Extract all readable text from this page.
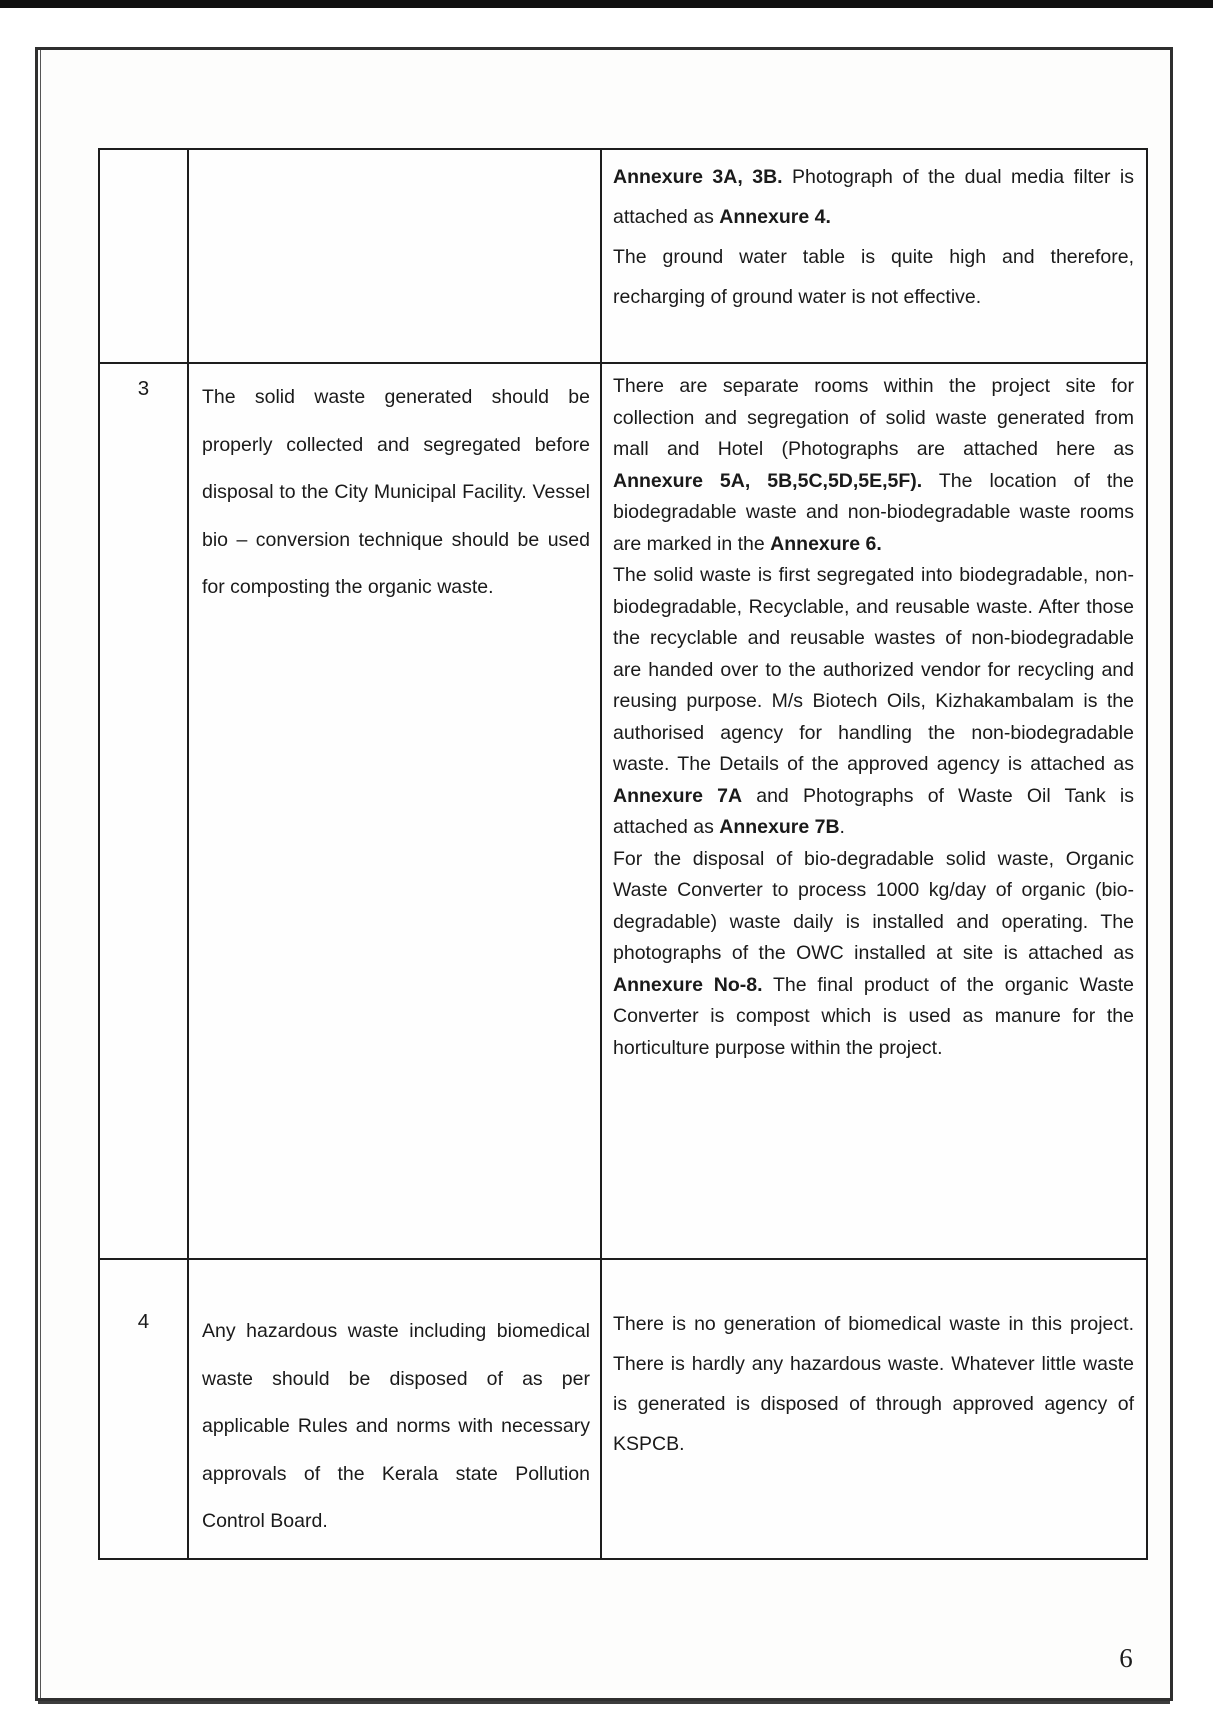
Annexure 3A, 3B. Photograph of the dual media filter is attached as Annexure 4.

The ground water table is quite high and therefore, recharging of ground water is not effective.

3	The solid waste generated should be properly collected and segregated before disposal to the City Municipal Facility. Vessel bio – conversion technique should be used for composting the organic waste.

There are separate rooms within the project site for collection and segregation of solid waste generated from mall and Hotel (Photographs are attached here as Annexure 5A, 5B,5C,5D,5E,5F). The location of the biodegradable waste and non-biodegradable waste rooms are marked in the Annexure 6.

The solid waste is first segregated into biodegradable, non-biodegradable, Recyclable, and reusable waste. After those the recyclable and reusable wastes of non-biodegradable are handed over to the authorized vendor for recycling and reusing purpose. M/s Biotech Oils, Kizhakambalam is the authorised agency for handling the non-biodegradable waste. The Details of the approved agency is attached as Annexure 7A and Photographs of Waste Oil Tank is attached as Annexure 7B.

For the disposal of bio-degradable solid waste, Organic Waste Converter to process 1000 kg/day of organic (bio-degradable) waste daily is installed and operating. The photographs of the OWC installed at site is attached as Annexure No-8. The final product of the organic Waste Converter is compost which is used as manure for the horticulture purpose within the project.

4	Any hazardous waste including biomedical waste should be disposed of as per applicable Rules and norms with necessary approvals of the Kerala state Pollution Control Board.

There is no generation of biomedical waste in this project. There is hardly any hazardous waste. Whatever little waste is generated is disposed of through approved agency of KSPCB.

6
